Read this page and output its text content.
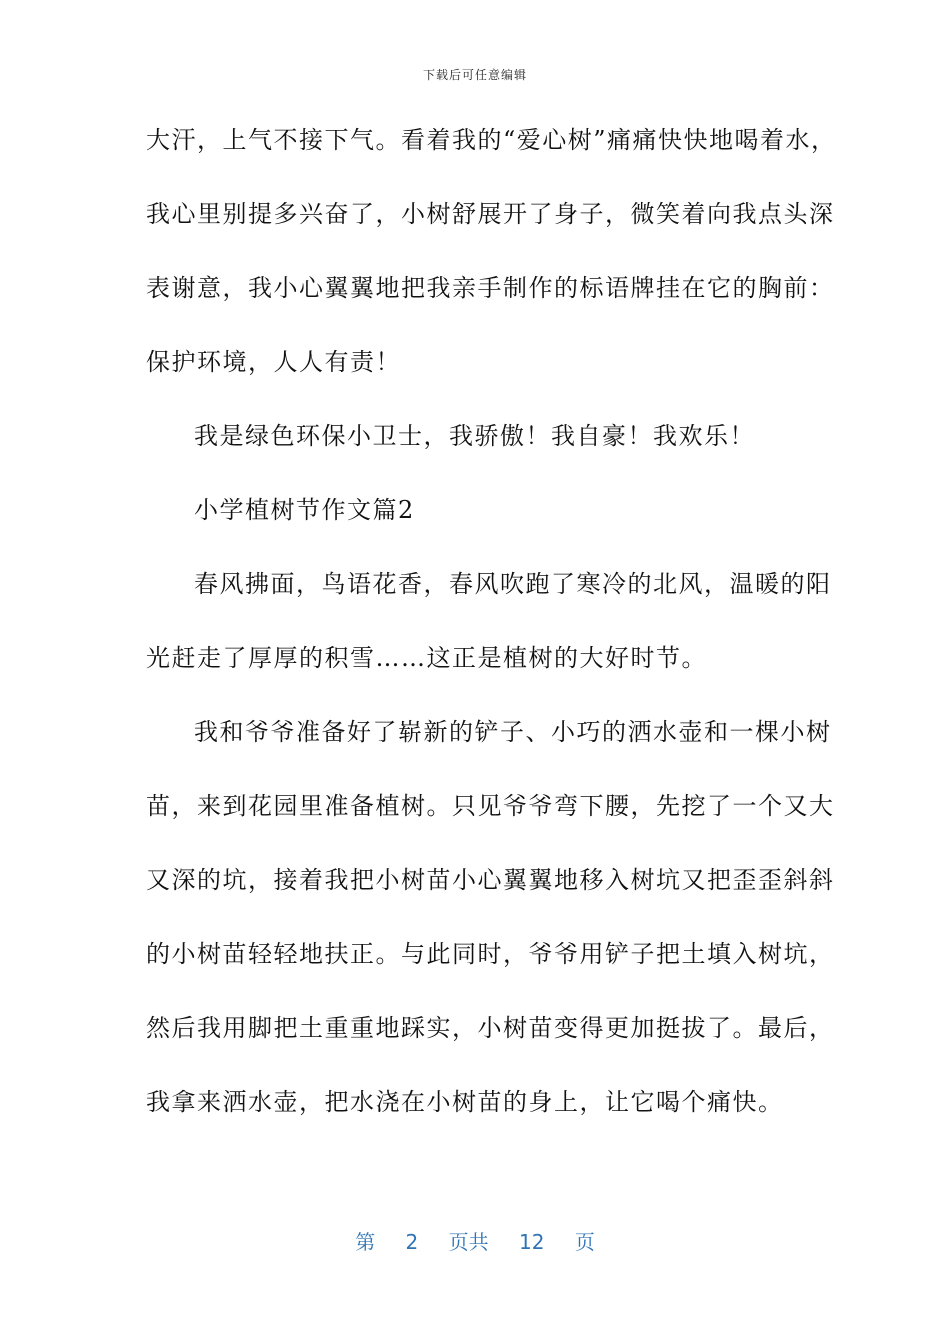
下载后可任意编辑
大汗，上气不接下气。看着我的“爱心树”痛痛快快地喝着水，
我心里别提多兴奋了，小树舒展开了身子，微笑着向我点头深
表谢意，我小心翼翼地把我亲手制作的标语牌挂在它的胸前：
保护环境，人人有责！
我是绿色环保小卫士，我骄傲！我自豪！我欢乐！
小学植树节作文篇2
春风拂面，鸟语花香，春风吹跑了寒冷的北风，温暖的阳
光赶走了厚厚的积雪……这正是植树的大好时节。
我和爷爷准备好了崭新的铲子、小巧的洒水壶和一棵小树
苗，来到花园里准备植树。只见爷爷弯下腰，先挖了一个又大
又深的坑，接着我把小树苗小心翼翼地移入树坑又把歪歪斜斜
的小树苗轻轻地扶正。与此同时，爷爷用铲子把土填入树坑，
然后我用脚把土重重地踩实，小树苗变得更加挺拔了。最后，
我拿来洒水壶，把水浇在小树苗的身上，让它喝个痛快。
第 2 页共 12 页
